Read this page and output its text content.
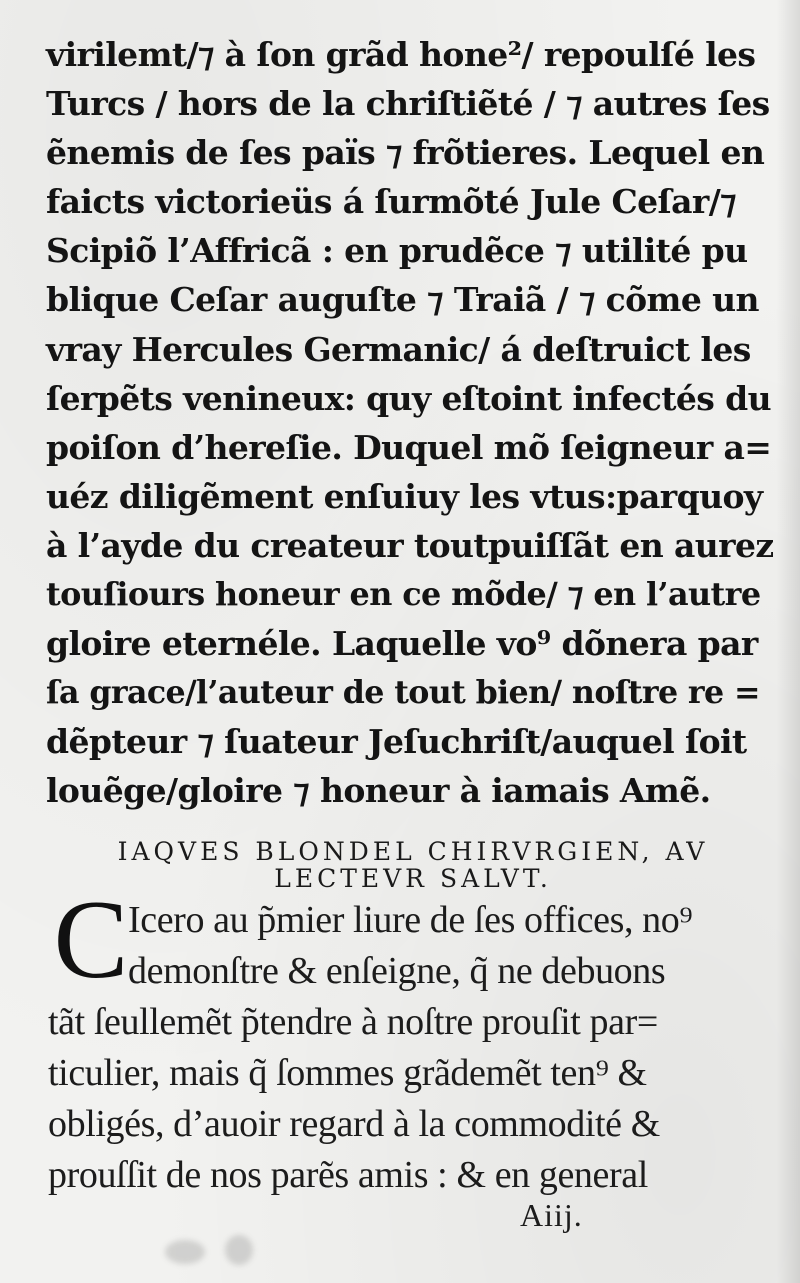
virilemt/⁊ à ſon grãd hone²/ repoulſé les
Turcs / hors de la chriſtiẽté / ⁊ autres ſes
ẽnemis de ſes païs ⁊ frõtieres. Lequel en
faicts victorieüs á ſurmõté Jule Ceſar/⁊
Scipiõ l’Affricã : en prudẽce ⁊ utilité pu
blique Ceſar auguſte ⁊ Traiã / ⁊ cõme un
vray Hercules Germanic/ á deſtruict les
ſerpẽts venineux: quy eſtoint infectés du
poiſon d’hereſie. Duquel mõ ſeigneur a=
uéz diligẽment enſuiuy les vtus:parquoy
à l’ayde du createur toutpuiſſãt en aurez
touſiours honeur en ce mõde/ ⁊ en l’autre
gloire eternéle. Laquelle vo⁹ dõnera par
ſa grace/l’auteur de tout bien/ noſtre re =
dẽpteur ⁊ ſuateur Jeſuchriſt/auquel ſoit
louẽge/gloire ⁊ honeur à iamais Amẽ.
IAQVES BLONDEL CHIRVRGIEN, AV
LECTEVR SALVT.
C Icero au p̃mier liure de ſes offices, no⁹
demonſtre & enſeigne, q̃ ne debuons
tãt ſeullemẽt p̃tendre à noſtre prouſit par=
ticulier, mais q̃ ſommes grãdemẽt ten⁹ &
obligés, d’auoir regard à la commodité &
prouſſit de nos parẽs amis : & en general
Aiij.
